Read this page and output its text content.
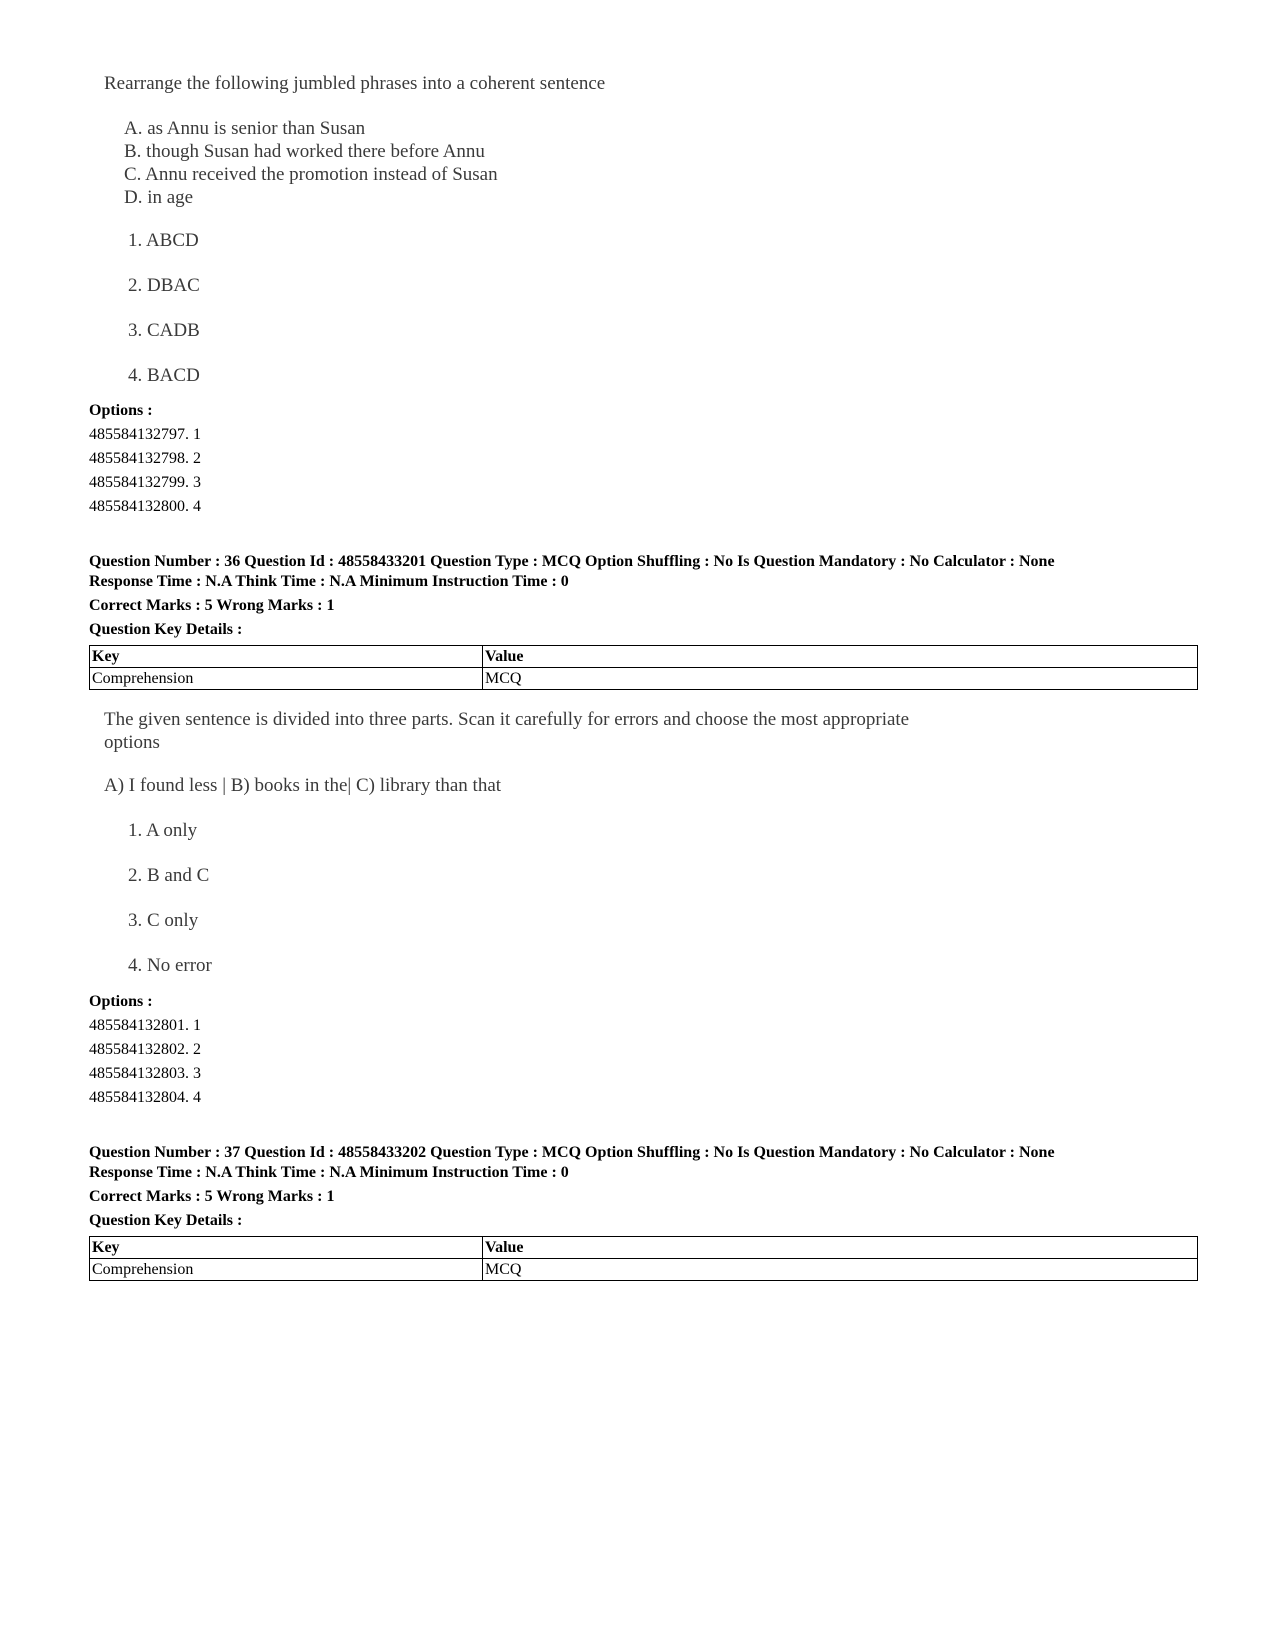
Rearrange the following jumbled phrases into a coherent sentence
A. as Annu is senior than Susan
B. though Susan had worked there before Annu
C. Annu received the promotion instead of Susan
D. in age
1. ABCD
2. DBAC
3. CADB
4. BACD
Options :
485584132797. 1
485584132798. 2
485584132799. 3
485584132800. 4
Question Number : 36 Question Id : 48558433201 Question Type : MCQ Option Shuffling : No Is Question Mandatory : No Calculator : None
Response Time : N.A Think Time : N.A Minimum Instruction Time : 0
Correct Marks : 5 Wrong Marks : 1
Question Key Details :
Key	Value
Comprehension	MCQ
The given sentence is divided into three parts. Scan it carefully for errors and choose the most appropriate
options
A) I found less | B) books in the| C) library than that
1. A only
2. B and C
3. C only
4. No error
Options :
485584132801. 1
485584132802. 2
485584132803. 3
485584132804. 4
Question Number : 37 Question Id : 48558433202 Question Type : MCQ Option Shuffling : No Is Question Mandatory : No Calculator : None
Response Time : N.A Think Time : N.A Minimum Instruction Time : 0
Correct Marks : 5 Wrong Marks : 1
Question Key Details :
Key	Value
Comprehension	MCQ
